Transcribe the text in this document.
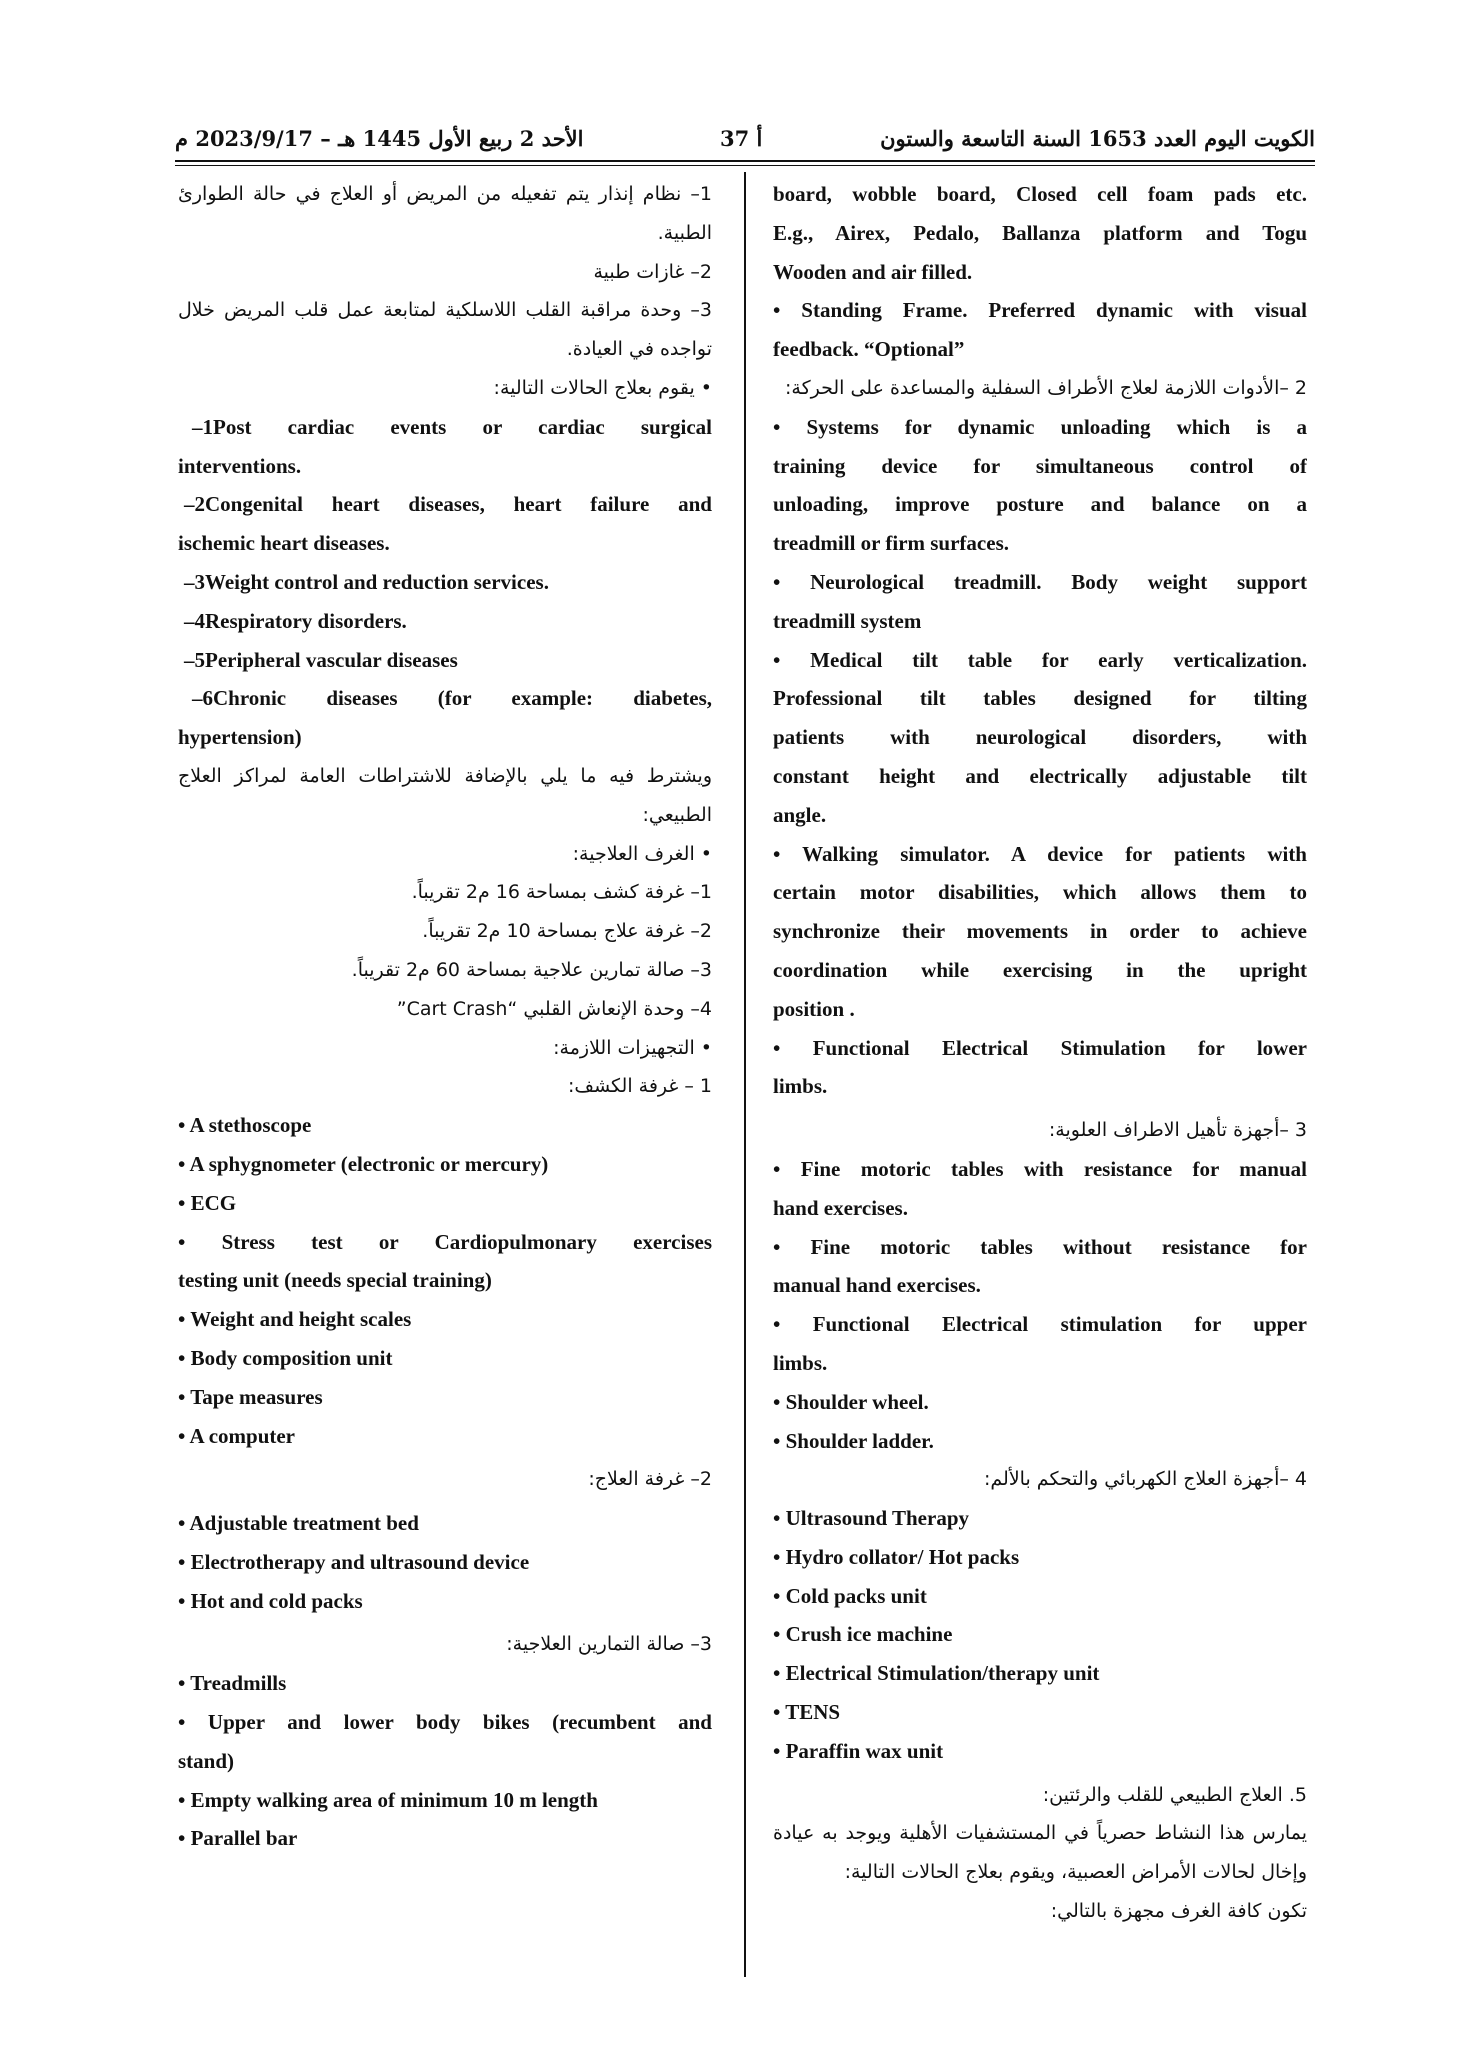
الكويت اليوم العدد 1653 السنة التاسعة والستون
أ 37
الأحد 2 ربيع الأول 1445 هـ – 2023/9/17 م
board, wobble board, Closed cell foam pads etc.
E.g., Airex, Pedalo, Ballanza platform and Togu
Wooden and air filled.
• Standing Frame. Preferred dynamic with visual
feedback. “Optional”
2 –الأدوات اللازمة لعلاج الأطراف السفلية والمساعدة على الحركة:
• Systems for dynamic unloading which is a
training device for simultaneous control of
unloading, improve posture and balance on a
treadmill or firm surfaces.
• Neurological treadmill. Body weight support
treadmill system
• Medical tilt table for early verticalization.
Professional tilt tables designed for tilting
patients with neurological disorders, with
constant height and electrically adjustable tilt
angle.
• Walking simulator. A device for patients with
certain motor disabilities, which allows them to
synchronize their movements in order to achieve
coordination while exercising in the upright
position .
• Functional Electrical Stimulation for lower
limbs.
3 –أجهزة تأهيل الاطراف العلوية:
• Fine motoric tables with resistance for manual
hand exercises.
• Fine motoric tables without resistance for
manual hand exercises.
• Functional Electrical stimulation for upper
limbs.
• Shoulder wheel.
• Shoulder ladder.
4 –أجهزة العلاج الكهربائي والتحكم بالألم:
• Ultrasound Therapy
• Hydro collator/ Hot packs
• Cold packs unit
• Crush ice machine
• Electrical Stimulation/therapy unit
• TENS
• Paraffin wax unit
5. العلاج الطبيعي للقلب والرئتين:
يمارس هذا النشاط حصرياً في المستشفيات الأهلية ويوجد به عيادة
وإخال لحالات الأمراض العصبية، ويقوم بعلاج الحالات التالية:
تكون كافة الغرف مجهزة بالتالي:
1– نظام إنذار يتم تفعيله من المريض أو العلاج في حالة الطوارئ
الطبية.
2– غازات طبية
3– وحدة مراقبة القلب اللاسلكية لمتابعة عمل قلب المريض خلال
تواجده في العيادة.
• يقوم بعلاج الحالات التالية:
–1Post cardiac events or cardiac surgical
interventions.
–2Congenital heart diseases, heart failure and
ischemic heart diseases.
–3Weight control and reduction services.
–4Respiratory disorders.
–5Peripheral vascular diseases
–6Chronic diseases (for example: diabetes,
hypertension)
ويشترط فيه ما يلي بالإضافة للاشتراطات العامة لمراكز العلاج
الطبيعي:
• الغرف العلاجية:
1– غرفة كشف بمساحة 16 م2 تقريباً.
2– غرفة علاج بمساحة 10 م2 تقريباً.
3– صالة تمارين علاجية بمساحة 60 م2 تقريباً.
4– وحدة الإنعاش القلبي “Cart Crash”
• التجهيزات اللازمة:
1 – غرفة الكشف:
• A stethoscope
• A sphygnometer (electronic or mercury)
• ECG
• Stress test or Cardiopulmonary exercises
testing unit (needs special training)
• Weight and height scales
• Body composition unit
• Tape measures
• A computer
2– غرفة العلاج:
• Adjustable treatment bed
• Electrotherapy and ultrasound device
• Hot and cold packs
3– صالة التمارين العلاجية:
• Treadmills
• Upper and lower body bikes (recumbent and
stand)
• Empty walking area of minimum 10 m length
• Parallel bar
